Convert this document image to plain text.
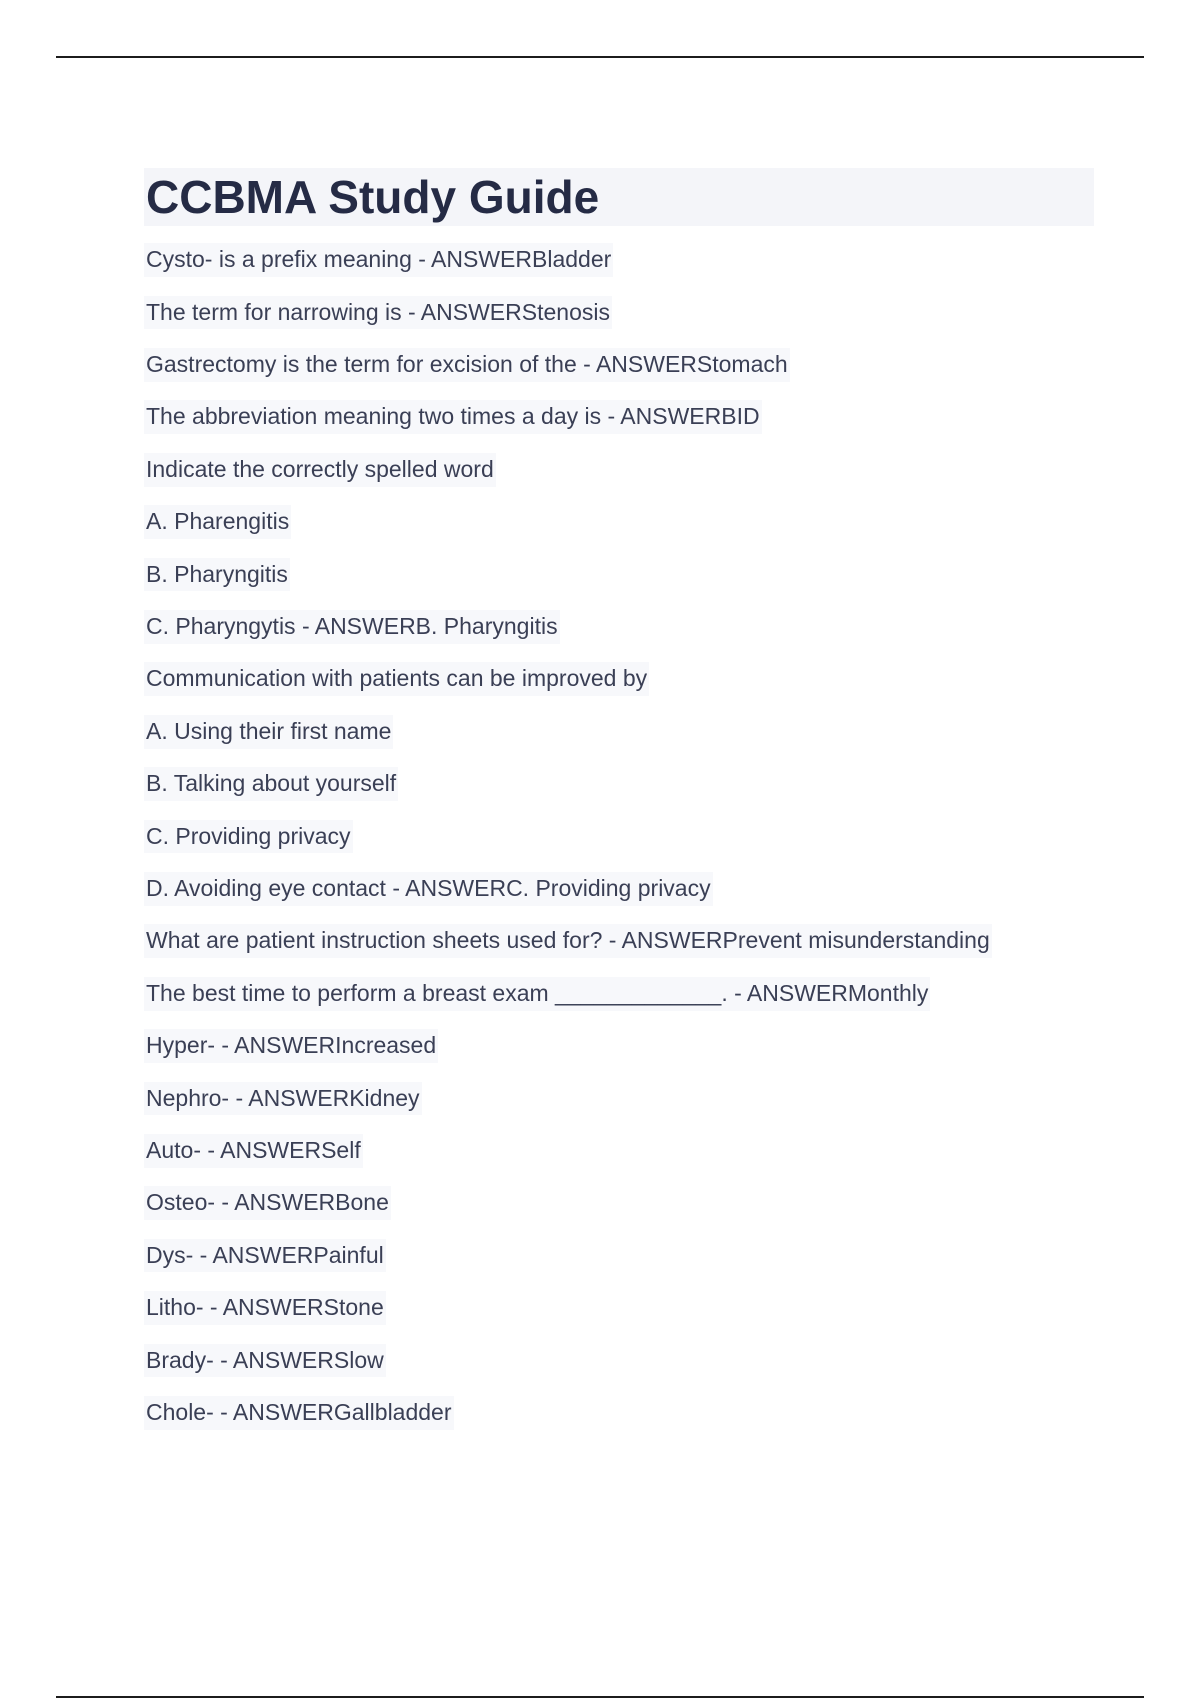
CCBMA Study Guide
Cysto- is a prefix meaning - ANSWERBladder
The term for narrowing is - ANSWERStenosis
Gastrectomy is the term for excision of the - ANSWERStomach
The abbreviation meaning two times a day is - ANSWERBID
Indicate the correctly spelled word
A. Pharengitis
B. Pharyngitis
C. Pharyngytis - ANSWERB. Pharyngitis
Communication with patients can be improved by
A. Using their first name
B. Talking about yourself
C. Providing privacy
D. Avoiding eye contact - ANSWERC. Providing privacy
What are patient instruction sheets used for? - ANSWERPrevent misunderstanding
The best time to perform a breast exam _____________. - ANSWERMonthly
Hyper- - ANSWERIncreased
Nephro- - ANSWERKidney
Auto- - ANSWERSelf
Osteo- - ANSWERBone
Dys- - ANSWERPainful
Litho- - ANSWERStone
Brady- - ANSWERSlow
Chole- - ANSWERGallbladder
